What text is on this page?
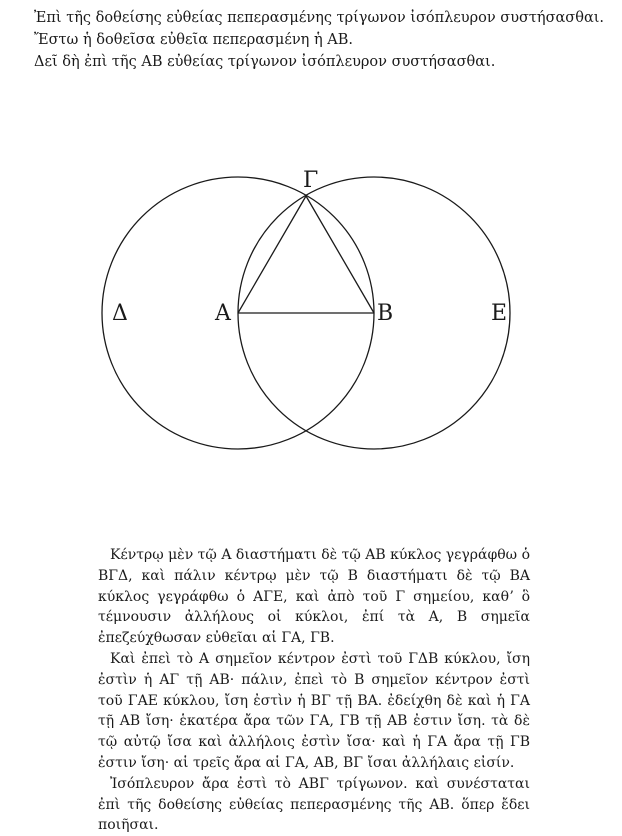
Ἐπὶ τῆς δοθείσης εὐθείας πεπερασμένης τρίγωνον ἰσόπλευρον συστήσασθαι.
Ἔστω ἡ δοθεῖσα εὐθεῖα πεπερασμένη ἡ ΑΒ.
Δεῖ δὴ ἐπὶ τῆς ΑΒ εὐθείας τρίγωνον ἰσόπλευρον συστήσασθαι.
Γ
Δ	Α	Β	Ε

Κέντρῳ μὲν τῷ Α διαστήματι δὲ τῷ ΑΒ κύκλος γεγράφθω ὁ ΒΓΔ, καὶ πάλιν κέντρῳ μὲν τῷ Β διαστήματι δὲ τῷ ΒΑ κύκλος γεγράφθω ὁ ΑΓΕ, καὶ ἀπὸ τοῦ Γ σημείου, καθʼ ὃ τέμνουσιν ἀλλήλους οἱ κύκλοι, ἐπί τὰ Α, Β σημεῖα ἐπεζεύχθωσαν εὐθεῖαι αἱ ΓΑ, ΓΒ.

Καὶ ἐπεὶ τὸ Α σημεῖον κέντρον ἐστὶ τοῦ ΓΔΒ κύκλου, ἴση ἐστὶν ἡ ΑΓ τῇ ΑΒ· πάλιν, ἐπεὶ τὸ Β σημεῖον κέντρον ἐστὶ τοῦ ΓΑΕ κύκλου, ἴση ἐστὶν ἡ ΒΓ τῇ ΒΑ. ἐδείχθη δὲ καὶ ἡ ΓΑ τῇ ΑΒ ἴση· ἑκατέρα ἄρα τῶν ΓΑ, ΓΒ τῇ ΑΒ ἐστιν ἴση. τὰ δὲ τῷ αὐτῷ ἴσα καὶ ἀλλήλοις ἐστὶν ἴσα· καὶ ἡ ΓΑ ἄρα τῇ ΓΒ ἐστιν ἴση· αἱ τρεῖς ἄρα αἱ ΓΑ, ΑΒ, ΒΓ ἴσαι ἀλλήλαις εἰσίν.

Ἰσόπλευρον ἄρα ἐστὶ τὸ ΑΒΓ τρίγωνον. καὶ συνέσταται ἐπὶ τῆς δοθείσης εὐθείας πεπερασμένης τῆς ΑΒ. ὅπερ ἔδει ποιῆσαι.
